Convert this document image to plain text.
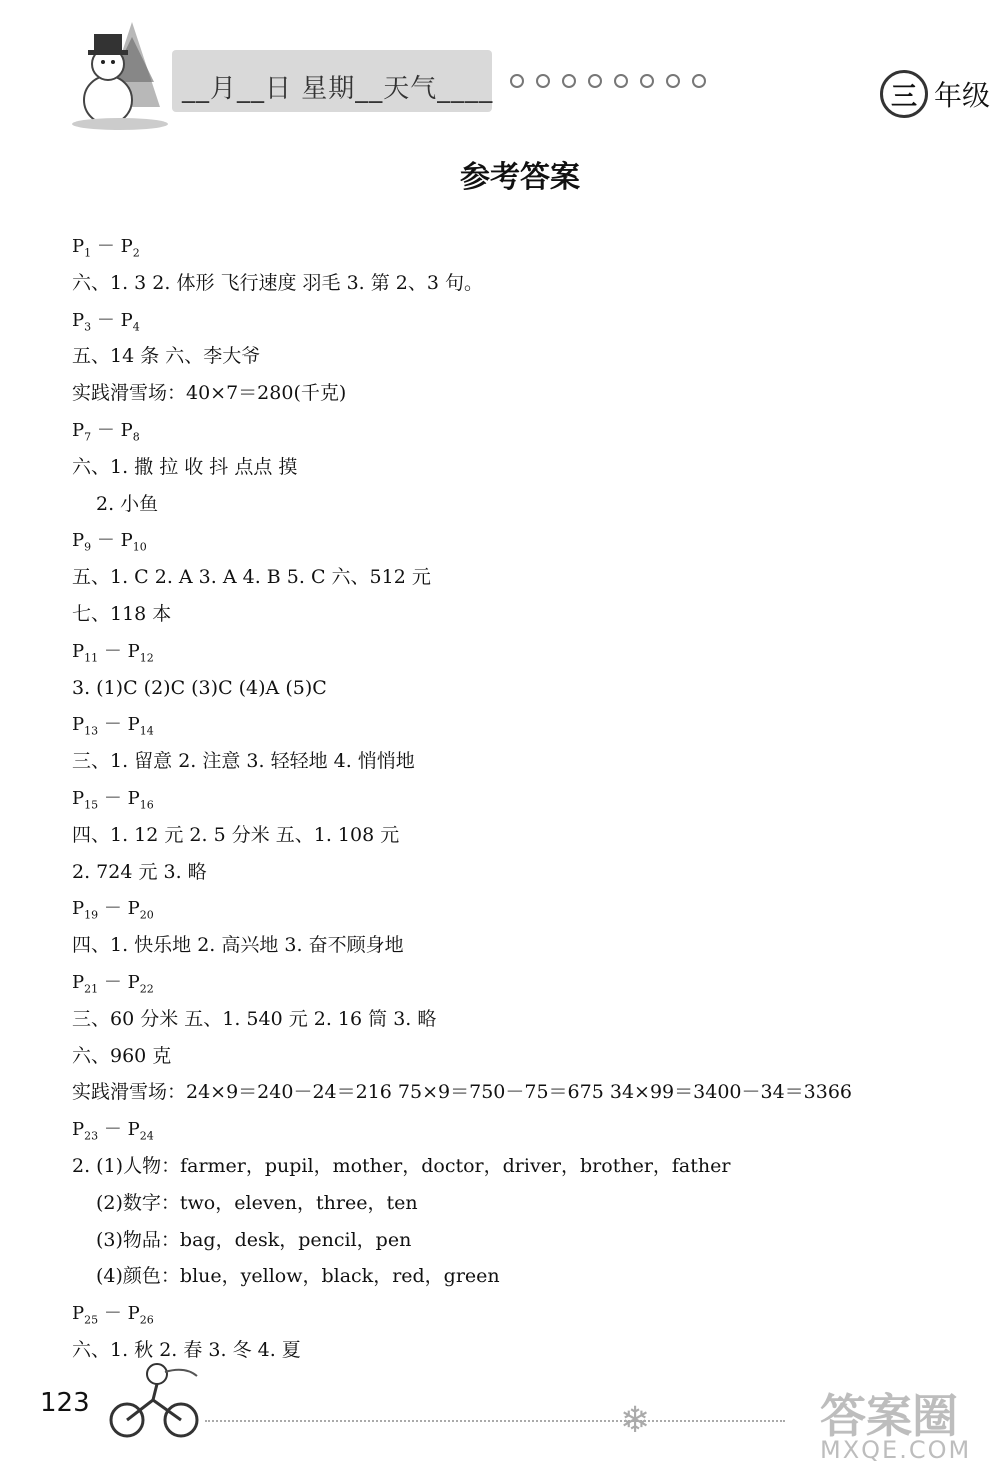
__月__日 星期__天气____	三 年级
参考答案
$P_1 - P_2$
六、1. 3 2. 体形 飞行速度 羽毛 3. 第 2、3 句。
$P_3 - P_4$
五、14 条 六、李大爷
实践滑雪场：40×7＝280(千克)
$P_7 - P_8$
六、1. 撒 拉 收 抖 点点 摸
2. 小鱼
$P_9 - P_{10}$
五、1. C 2. A 3. A 4. B 5. C 六、512 元
七、118 本
$P_{11} - P_{12}$
3. (1)C (2)C (3)C (4)A (5)C
$P_{13} - P_{14}$
三、1. 留意 2. 注意 3. 轻轻地 4. 悄悄地
$P_{15} - P_{16}$
四、1. 12 元 2. 5 分米 五、1. 108 元
2. 724 元 3. 略
$P_{19} - P_{20}$
四、1. 快乐地 2. 高兴地 3. 奋不顾身地
$P_{21} - P_{22}$
三、60 分米 五、1. 540 元 2. 16 筒 3. 略
六、960 克
实践滑雪场：24×9＝240－24＝216 75×9＝750－75＝675 34×99＝3400－34＝3366
$P_{23} - P_{24}$
2. (1)人物：farmer，pupil，mother，doctor，driver，brother，father
(2)数字：two，eleven，three，ten
(3)物品：bag，desk，pencil，pen
(4)颜色：blue，yellow，black，red，green
$P_{25} - P_{26}$
六、1. 秋 2. 春 3. 冬 4. 夏
123	❄	答案圈
MXQE.COM
